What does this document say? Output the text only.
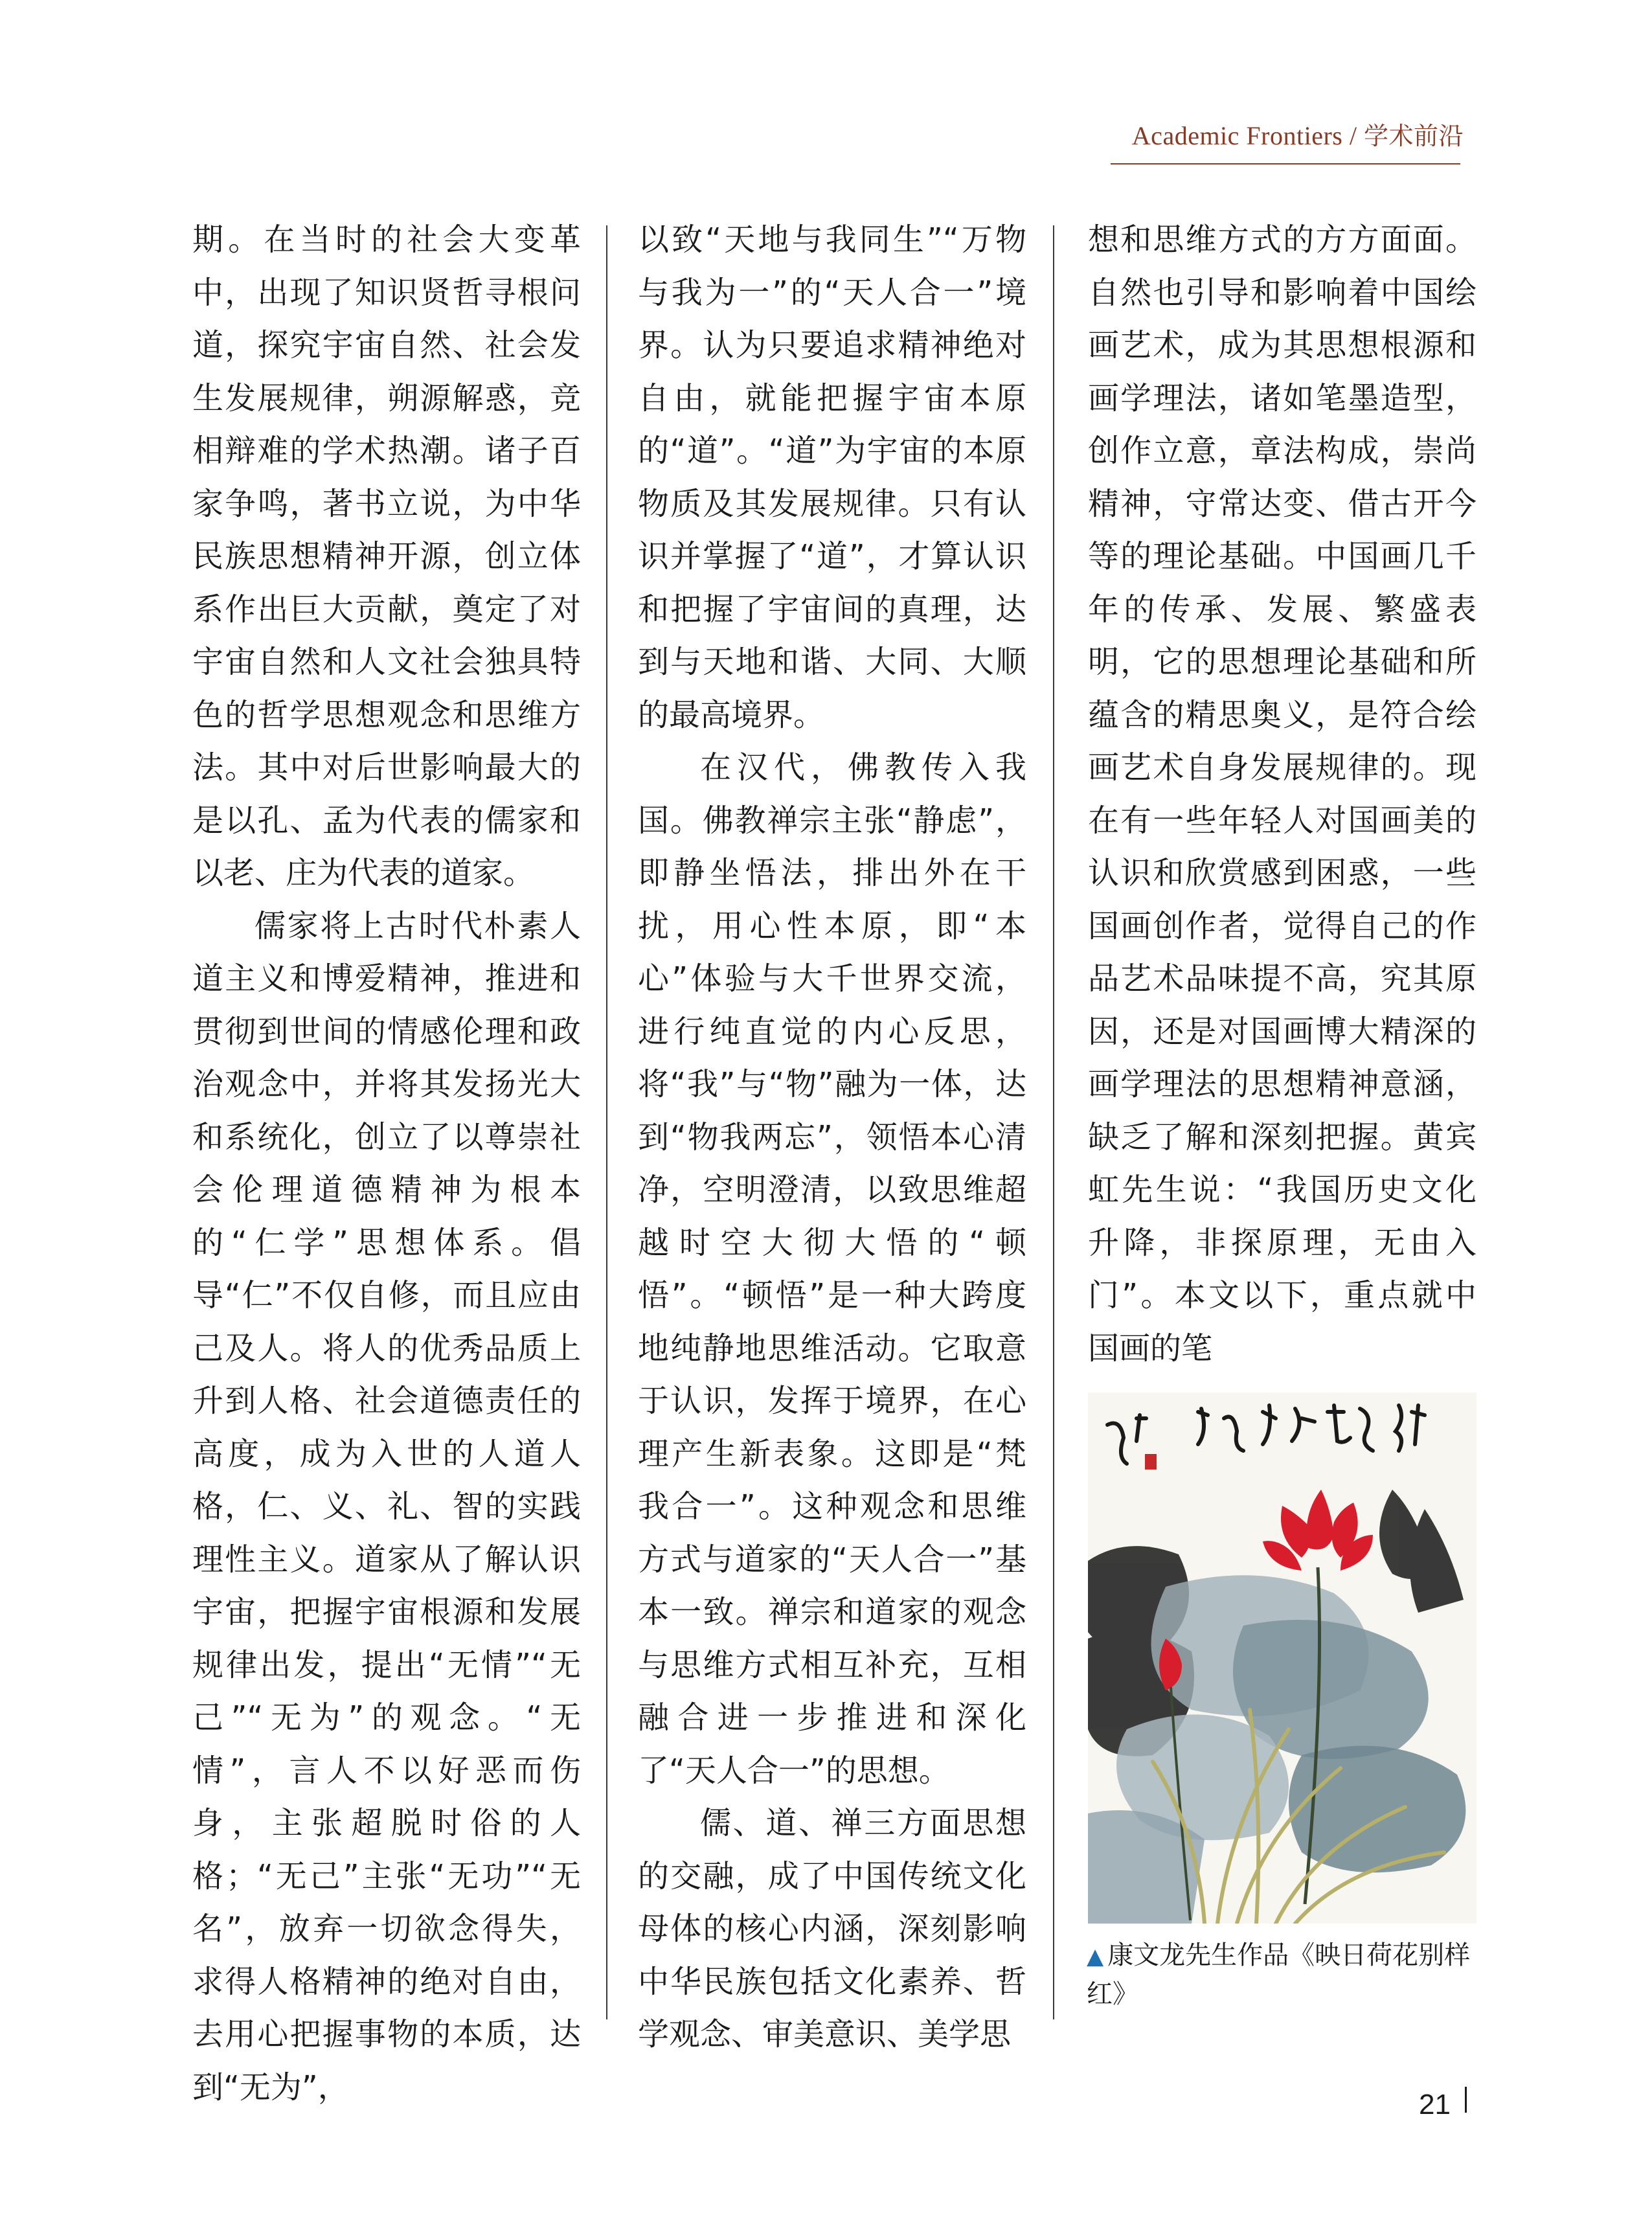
Academic Frontiers / 学术前沿

期。在当时的社会大变革中，出现了知识贤哲寻根问道，探究宇宙自然、社会发生发展规律，朔源解惑，竞相辩难的学术热潮。诸子百家争鸣，著书立说，为中华民族思想精神开源，创立体系作出巨大贡献，奠定了对宇宙自然和人文社会独具特色的哲学思想观念和思维方法。其中对后世影响最大的是以孔、孟为代表的儒家和以老、庄为代表的道家。

儒家将上古时代朴素人道主义和博爱精神，推进和贯彻到世间的情感伦理和政治观念中，并将其发扬光大和系统化，创立了以尊崇社会伦理道德精神为根本的“仁学”思想体系。倡导“仁”不仅自修，而且应由己及人。将人的优秀品质上升到人格、社会道德责任的高度，成为入世的人道人格，仁、义、礼、智的实践理性主义。道家从了解认识宇宙，把握宇宙根源和发展规律出发，提出“无情”“无己”“无为”的观念。“无情”，言人不以好恶而伤身，主张超脱时俗的人格；“无己”主张“无功”“无名”，放弃一切欲念得失，求得人格精神的绝对自由，去用心把握事物的本质，达到“无为”，

以致“天地与我同生”“万物与我为一”的“天人合一”境界。认为只要追求精神绝对自由，就能把握宇宙本原的“道”。“道”为宇宙的本原物质及其发展规律。只有认识并掌握了“道”，才算认识和把握了宇宙间的真理，达到与天地和谐、大同、大顺的最高境界。

在汉代，佛教传入我国。佛教禅宗主张“静虑”，即静坐悟法，排出外在干扰，用心性本原，即“本心”体验与大千世界交流，进行纯直觉的内心反思，将“我”与“物”融为一体，达到“物我两忘”，领悟本心清净，空明澄清，以致思维超越时空大彻大悟的“顿悟”。“顿悟”是一种大跨度地纯静地思维活动。它取意于认识，发挥于境界，在心理产生新表象。这即是“梵我合一”。这种观念和思维方式与道家的“天人合一”基本一致。禅宗和道家的观念与思维方式相互补充，互相融合进一步推进和深化了“天人合一”的思想。

儒、道、禅三方面思想的交融，成了中国传统文化母体的核心内涵，深刻影响中华民族包括文化素养、哲学观念、审美意识、美学思

想和思维方式的方方面面。自然也引导和影响着中国绘画艺术，成为其思想根源和画学理法，诸如笔墨造型，创作立意，章法构成，崇尚精神，守常达变、借古开今等的理论基础。中国画几千年的传承、发展、繁盛表明，它的思想理论基础和所蕴含的精思奥义，是符合绘画艺术自身发展规律的。现在有一些年轻人对国画美的认识和欣赏感到困惑，一些国画创作者，觉得自己的作品艺术品味提不高，究其原因，还是对国画博大精深的画学理法的思想精神意涵，缺乏了解和深刻把握。黄宾虹先生说：“我国历史文化升降，非探原理，无由入门”。本文以下，重点就中国画的笔

▲ 康文龙先生作品《映日荷花别样红》
21
